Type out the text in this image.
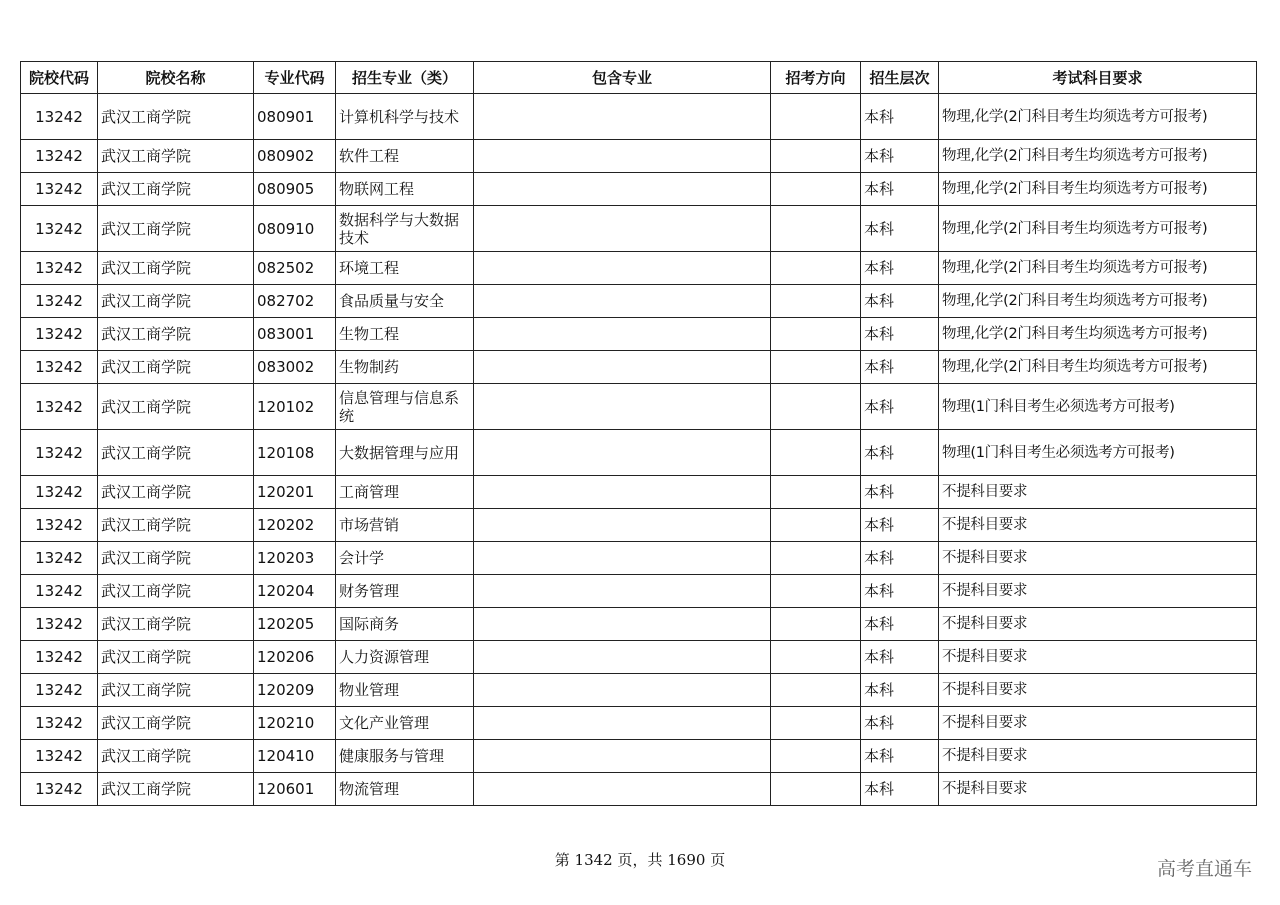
院校代码	院校名称	专业代码	招生专业（类）	包含专业	招考方向	招生层次	考试科目要求
13242	武汉工商学院	080901	计算机科学与技术			本科	物理,化学(2门科目考生均须选考方可报考)
13242	武汉工商学院	080902	软件工程			本科	物理,化学(2门科目考生均须选考方可报考)
13242	武汉工商学院	080905	物联网工程			本科	物理,化学(2门科目考生均须选考方可报考)
13242	武汉工商学院	080910	数据科学与大数据技术			本科	物理,化学(2门科目考生均须选考方可报考)
13242	武汉工商学院	082502	环境工程			本科	物理,化学(2门科目考生均须选考方可报考)
13242	武汉工商学院	082702	食品质量与安全			本科	物理,化学(2门科目考生均须选考方可报考)
13242	武汉工商学院	083001	生物工程			本科	物理,化学(2门科目考生均须选考方可报考)
13242	武汉工商学院	083002	生物制药			本科	物理,化学(2门科目考生均须选考方可报考)
13242	武汉工商学院	120102	信息管理与信息系统			本科	物理(1门科目考生必须选考方可报考)
13242	武汉工商学院	120108	大数据管理与应用			本科	物理(1门科目考生必须选考方可报考)
13242	武汉工商学院	120201	工商管理			本科	不提科目要求
13242	武汉工商学院	120202	市场营销			本科	不提科目要求
13242	武汉工商学院	120203	会计学			本科	不提科目要求
13242	武汉工商学院	120204	财务管理			本科	不提科目要求
13242	武汉工商学院	120205	国际商务			本科	不提科目要求
13242	武汉工商学院	120206	人力资源管理			本科	不提科目要求
13242	武汉工商学院	120209	物业管理			本科	不提科目要求
13242	武汉工商学院	120210	文化产业管理			本科	不提科目要求
13242	武汉工商学院	120410	健康服务与管理			本科	不提科目要求
13242	武汉工商学院	120601	物流管理			本科	不提科目要求
第 1342 页，共 1690 页	高考直通车
